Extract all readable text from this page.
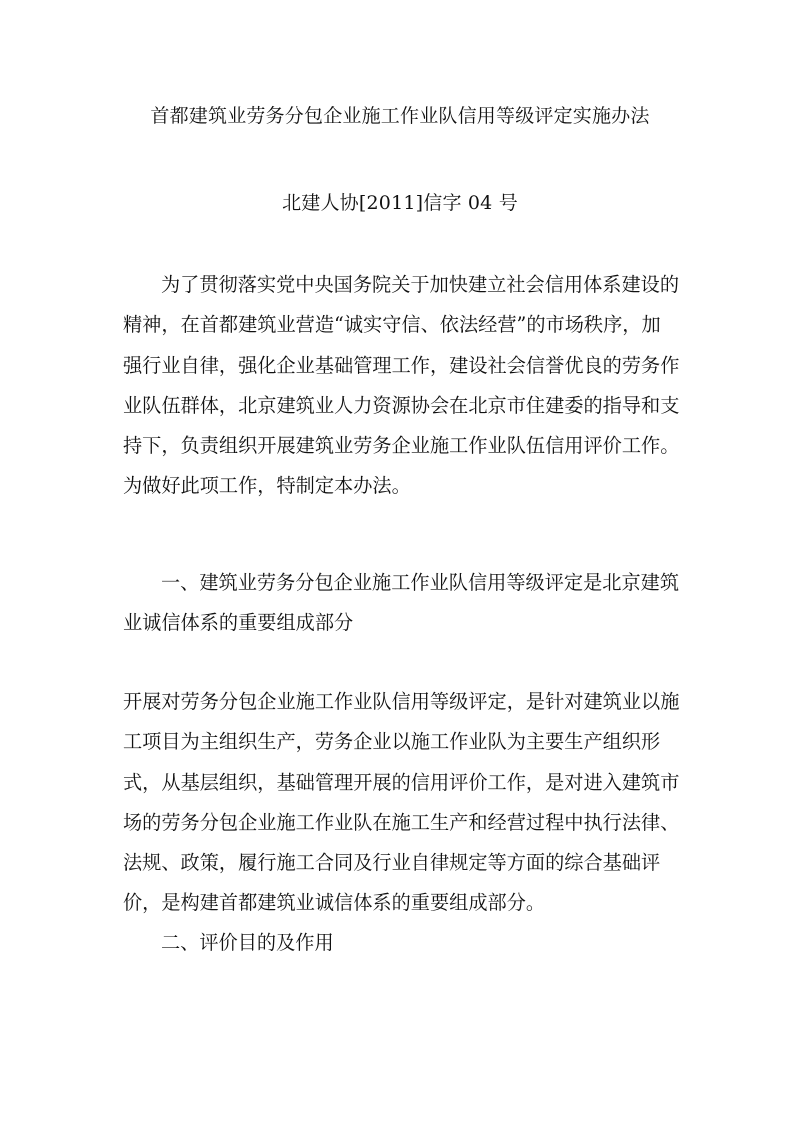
首都建筑业劳务分包企业施工作业队信用等级评定实施办法
北建人协[2011]信字 04 号
为了贯彻落实党中央国务院关于加快建立社会信用体系建设的
精神，在首都建筑业营造“诚实守信、依法经营”的市场秩序，加
强行业自律，强化企业基础管理工作，建设社会信誉优良的劳务作
业队伍群体，北京建筑业人力资源协会在北京市住建委的指导和支
持下，负责组织开展建筑业劳务企业施工作业队伍信用评价工作。
为做好此项工作，特制定本办法。
一、建筑业劳务分包企业施工作业队信用等级评定是北京建筑
业诚信体系的重要组成部分
开展对劳务分包企业施工作业队信用等级评定，是针对建筑业以施
工项目为主组织生产，劳务企业以施工作业队为主要生产组织形
式，从基层组织，基础管理开展的信用评价工作，是对进入建筑市
场的劳务分包企业施工作业队在施工生产和经营过程中执行法律、
法规、政策，履行施工合同及行业自律规定等方面的综合基础评
价，是构建首都建筑业诚信体系的重要组成部分。
二、评价目的及作用
